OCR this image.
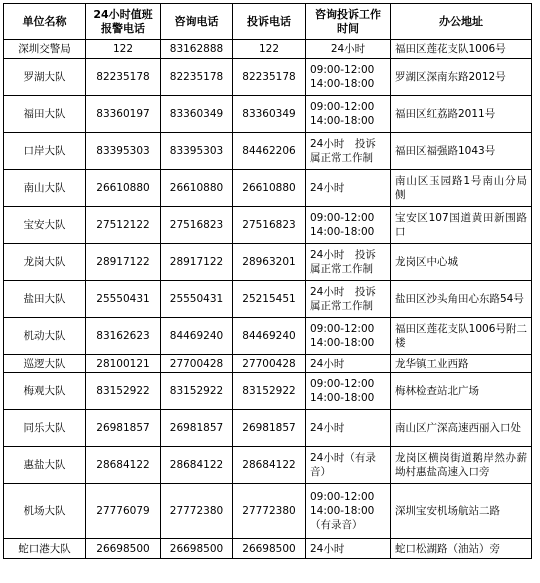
单位名称	24小时值班报警电话	咨询电话	投诉电话	咨询投诉工作时间	办公地址
深圳交警局	122	83162888	122	24小时	福田区莲花支队1006号
罗湖大队	82235178	82235178	82235178	09:00-12:00
14:00-18:00	罗湖区深南东路2012号
福田大队	83360197	83360349	83360349	09:00-12:00
14:00-18:00	福田区红荔路2011号
口岸大队	83395303	83395303	84462206	24小时　投诉属正常工作制	福田区福强路1043号
南山大队	26610880	26610880	26610880	24小时	南山区玉园路1号南山分局侧
宝安大队	27512122	27516823	27516823	09:00-12:00
14:00-18:00	宝安区107国道黄田新围路口
龙岗大队	28917122	28917122	28963201	24小时　投诉属正常工作制	龙岗区中心城
盐田大队	25550431	25550431	25215451	24小时　投诉属正常工作制	盐田区沙头角田心东路54号
机动大队	83162623	84469240	84469240	09:00-12:00
14:00-18:00	福田区莲花支队1006号附二楼
巡逻大队	28100121	27700428	27700428	24小时	龙华镇工业西路
梅观大队	83152922	83152922	83152922	09:00-12:00
14:00-18:00	梅林检查站北广场
同乐大队	26981857	26981857	26981857	24小时	南山区广深高速西丽入口处
惠盐大队	28684122	28684122	28684122	24小时（有录音）	龙岗区横岗街道鹅岸然办薪坳村惠盐高速入口旁
机场大队	27776079	27772380	27772380	09:00-12:00
14:00-18:00
（有录音）	深圳宝安机场航站二路
蛇口港大队	26698500	26698500	26698500	24小时	蛇口松湖路（油站）旁
